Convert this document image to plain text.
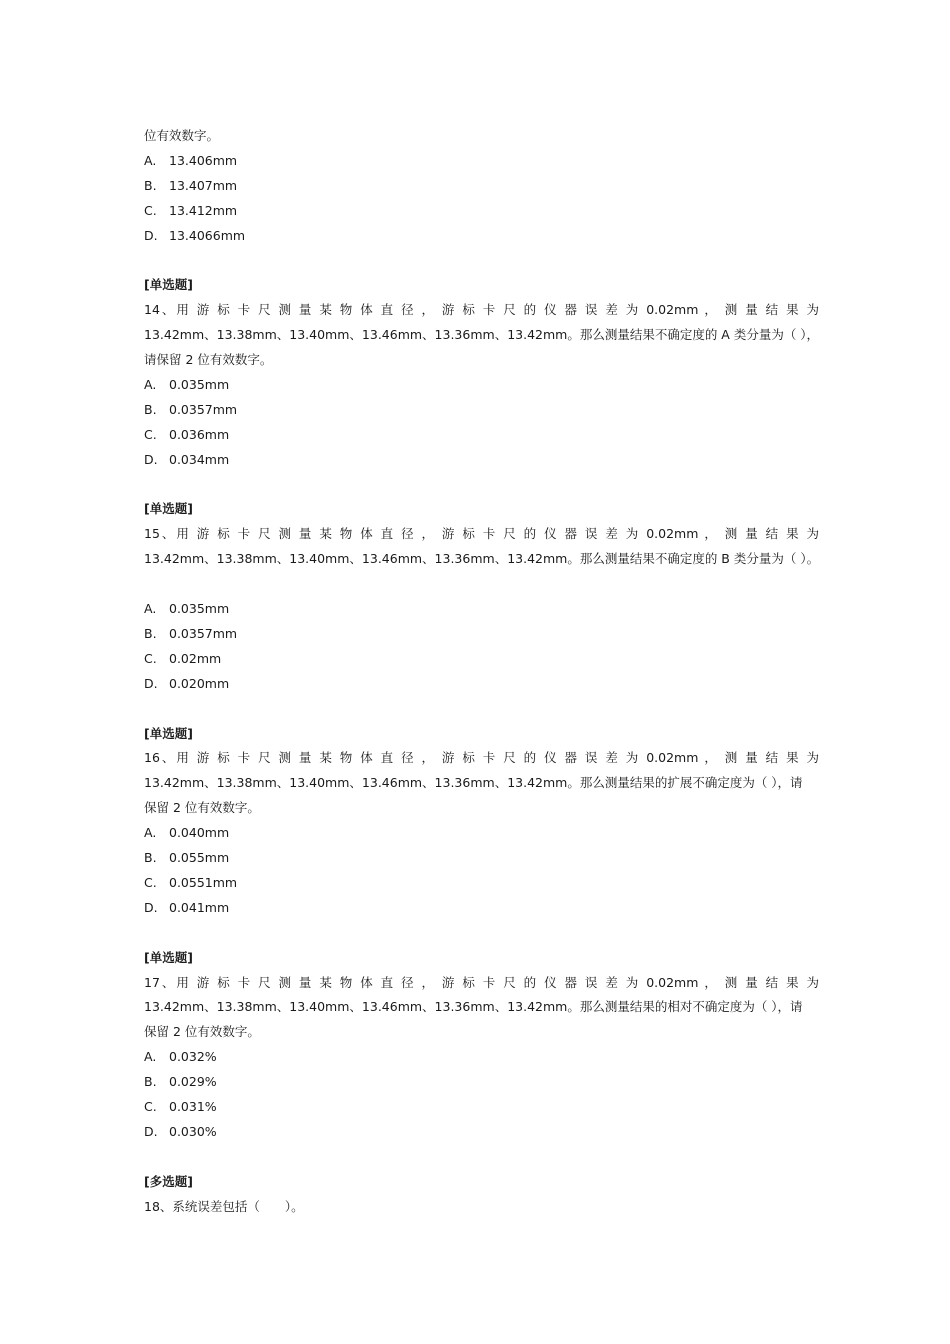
位有效数字。
A.	13.406mm
B. 13.407mm
C. 13.412mm
D. 13.4066mm
[单选题]
14、用 游 标 卡 尺 测 量 某 物 体 直 径 ， 游 标 卡 尺 的 仪 器 误 差 为 0.02mm ， 测 量 结 果 为
13.42mm、13.38mm、13.40mm、13.46mm、13.36mm、13.42mm。那么测量结果不确定度的 A 类分量为（ ），
请保留 2 位有效数字。
A.	0.035mm
B. 0.0357mm
C. 0.036mm
D. 0.034mm
[单选题]
15、用 游 标 卡 尺 测 量 某 物 体 直 径 ， 游 标 卡 尺 的 仪 器 误 差 为 0.02mm ， 测 量 结 果 为
13.42mm、13.38mm、13.40mm、13.46mm、13.36mm、13.42mm。那么测量结果不确定度的 B 类分量为（ ）。
A.	0.035mm
B. 0.0357mm
C. 0.02mm
D. 0.020mm
[单选题]
16、用 游 标 卡 尺 测 量 某 物 体 直 径 ， 游 标 卡 尺 的 仪 器 误 差 为 0.02mm ， 测 量 结 果 为
13.42mm、13.38mm、13.40mm、13.46mm、13.36mm、13.42mm。那么测量结果的扩展不确定度为（ ），请
保留 2 位有效数字。
A.	0.040mm
B. 0.055mm
C. 0.0551mm
D. 0.041mm
[单选题]
17、用 游 标 卡 尺 测 量 某 物 体 直 径 ， 游 标 卡 尺 的 仪 器 误 差 为 0.02mm ， 测 量 结 果 为
13.42mm、13.38mm、13.40mm、13.46mm、13.36mm、13.42mm。那么测量结果的相对不确定度为（ ），请
保留 2 位有效数字。
A.	0.032%
B. 0.029%
C. 0.031%
D. 0.030%
[多选题]
18、系统误差包括（　　）。
